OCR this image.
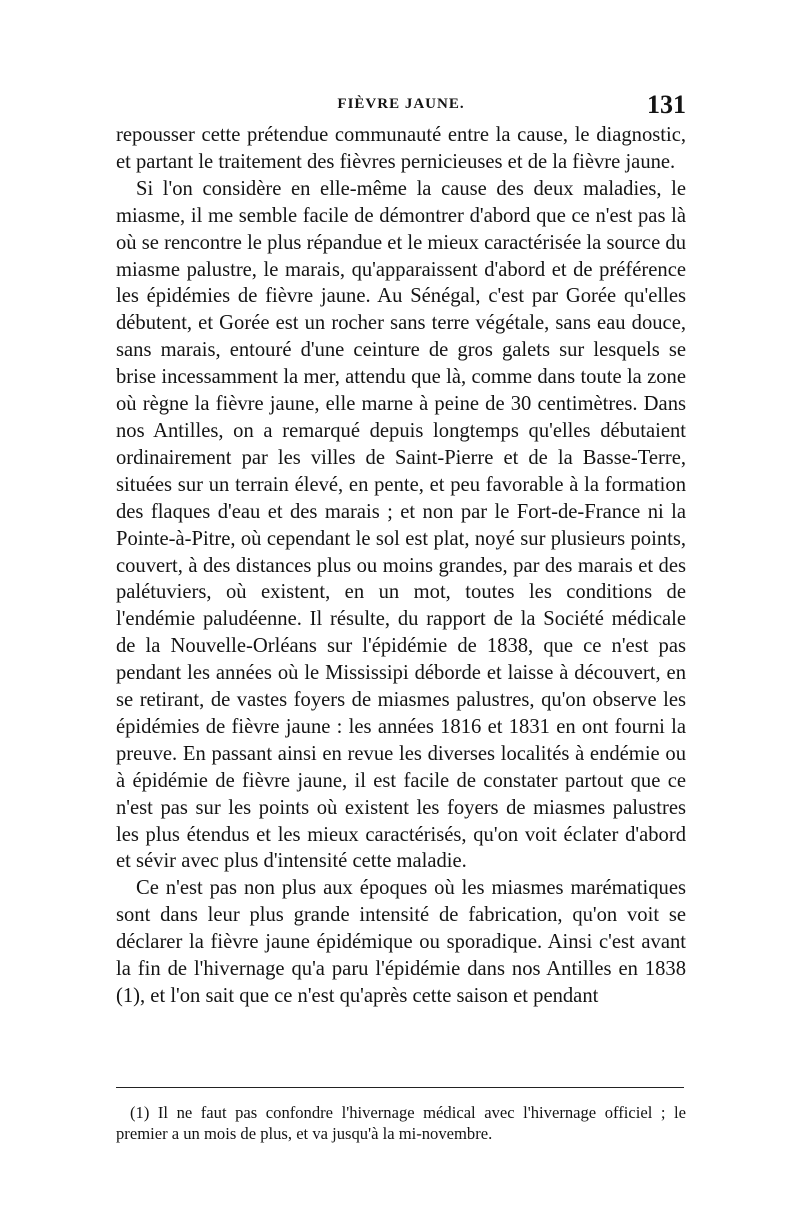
FIÈVRE JAUNE.	131

repousser cette prétendue communauté entre la cause, le diagnostic, et partant le traitement des fièvres pernicieuses et de la fièvre jaune.

Si l'on considère en elle-même la cause des deux maladies, le miasme, il me semble facile de démontrer d'abord que ce n'est pas là où se rencontre le plus répandue et le mieux caractérisée la source du miasme palustre, le marais, qu'apparaissent d'abord et de préférence les épidémies de fièvre jaune. Au Sénégal, c'est par Gorée qu'elles débutent, et Gorée est un rocher sans terre végétale, sans eau douce, sans marais, entouré d'une ceinture de gros galets sur lesquels se brise incessamment la mer, attendu que là, comme dans toute la zone où règne la fièvre jaune, elle marne à peine de 30 centimètres. Dans nos Antilles, on a remarqué depuis longtemps qu'elles débutaient ordinairement par les villes de Saint-Pierre et de la Basse-Terre, situées sur un terrain élevé, en pente, et peu favorable à la formation des flaques d'eau et des marais ; et non par le Fort-de-France ni la Pointe-à-Pitre, où cependant le sol est plat, noyé sur plusieurs points, couvert, à des distances plus ou moins grandes, par des marais et des palétuviers, où existent, en un mot, toutes les conditions de l'endémie paludéenne. Il résulte, du rapport de la Société médicale de la Nouvelle-Orléans sur l'épidémie de 1838, que ce n'est pas pendant les années où le Mississipi déborde et laisse à découvert, en se retirant, de vastes foyers de miasmes palustres, qu'on observe les épidémies de fièvre jaune : les années 1816 et 1831 en ont fourni la preuve. En passant ainsi en revue les diverses localités à endémie ou à épidémie de fièvre jaune, il est facile de constater partout que ce n'est pas sur les points où existent les foyers de miasmes palustres les plus étendus et les mieux caractérisés, qu'on voit éclater d'abord et sévir avec plus d'intensité cette maladie.

Ce n'est pas non plus aux époques où les miasmes marématiques sont dans leur plus grande intensité de fabrication, qu'on voit se déclarer la fièvre jaune épidémique ou sporadique. Ainsi c'est avant la fin de l'hivernage qu'a paru l'épidémie dans nos Antilles en 1838 (1), et l'on sait que ce n'est qu'après cette saison et pendant

(1) Il ne faut pas confondre l'hivernage médical avec l'hivernage officiel ; le premier a un mois de plus, et va jusqu'à la mi-novembre.
